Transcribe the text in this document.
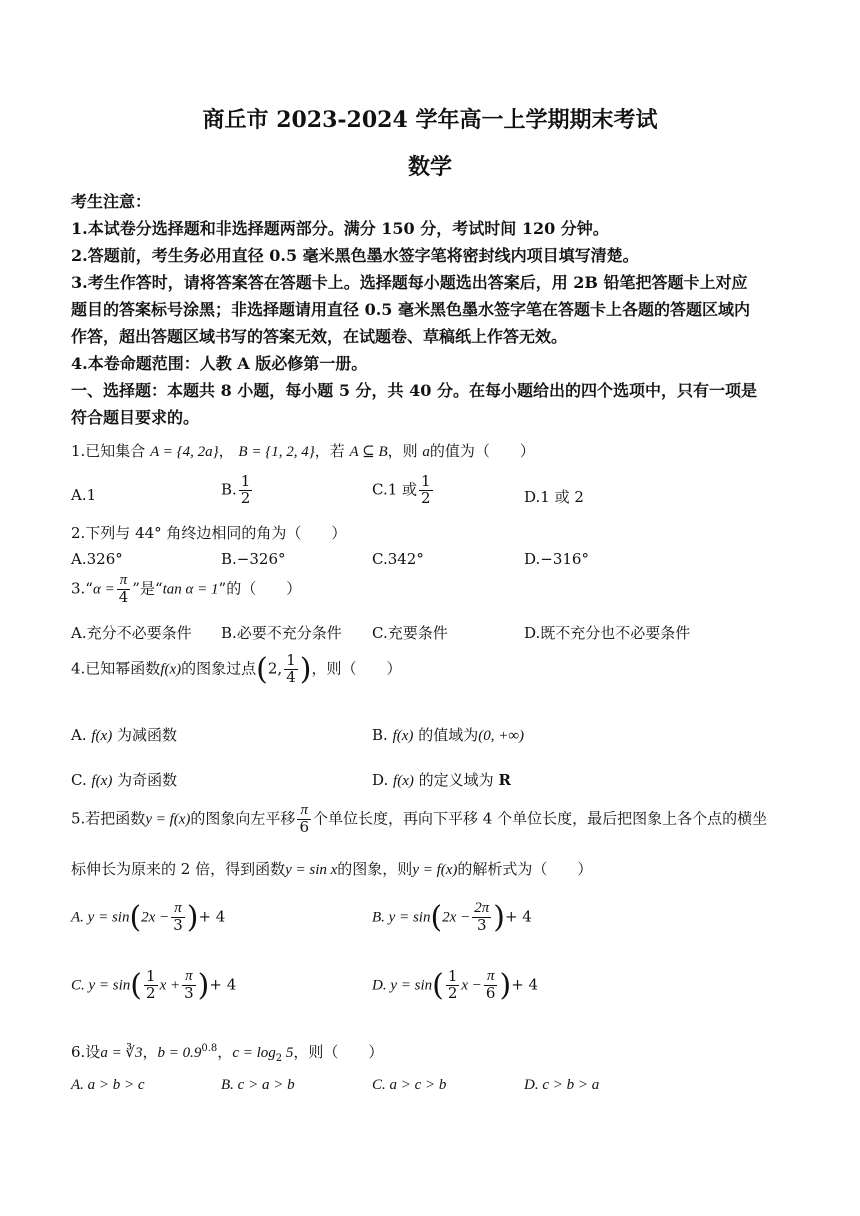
商丘市 2023-2024 学年高一上学期期末考试
数学
考生注意：
1.本试卷分选择题和非选择题两部分。满分 150 分，考试时间 120 分钟。
2.答题前，考生务必用直径 0.5 毫米黑色墨水签字笔将密封线内项目填写清楚。
3.考生作答时，请将答案答在答题卡上。选择题每小题选出答案后，用 2B 铅笔把答题卡上对应
题目的答案标号涂黑；非选择题请用直径 0.5 毫米黑色墨水签字笔在答题卡上各题的答题区域内
作答，超出答题区域书写的答案无效，在试题卷、草稿纸上作答无效。
4.本卷命题范围：人教 A 版必修第一册。
一、选择题：本题共 8 小题，每小题 5 分，共 40 分。在每小题给出的四个选项中，只有一项是
符合题目要求的。
1.已知集合 A = {4, 2a}， B = {1, 2, 4}，若 A ⊆ B，则 a的值为（　　）
A.1	B. $\frac{1}{2}$	C.1 或 $\frac{1}{2}$	D.1 或 2
2.下列与 44° 角终边相同的角为（　　）
A.326°	B.−326°	C.342°	D.−316°
3.“α = $\frac{\pi}{4}$ ”是“tan α = 1”的（　　）
A.充分不必要条件 B.必要不充分条件 C.充要条件	D.既不充分也不必要条件
4.已知幂函数f(x)的图象过点(2, $\frac{1}{4}$ )，则（　　）
A. f(x) 为减函数	B. f(x) 的值域为(0, +∞)
C. f(x) 为奇函数	D. f(x) 的定义域为 R
5.若把函数y = f(x)的图象向左平移 $\frac{\pi}{6}$ 个单位长度，再向下平移 4 个单位长度，最后把图象上各个点的横坐
标伸长为原来的 2 倍，得到函数y = sin x的图象，则y = f(x)的解析式为（　　）
A. $y = \sin(2x - \frac{\pi}{3}$ )+ 4	B. $y = \sin(2x - \frac{2\pi}{3}$ )+ 4
C. $y = \sin( \frac{1}{2}$ $x + \frac{\pi}{3}$ )+ 4	D. $y = \sin( \frac{1}{2}$ $x - \frac{\pi}{6}$ )+ 4
6.设a = ∛3，$b = 0.9^{0.8}$，$c = \log_2 5$，则（　　）
A. a > b > c	B. c > a > b	C. a > c > b	D. c > b > a
